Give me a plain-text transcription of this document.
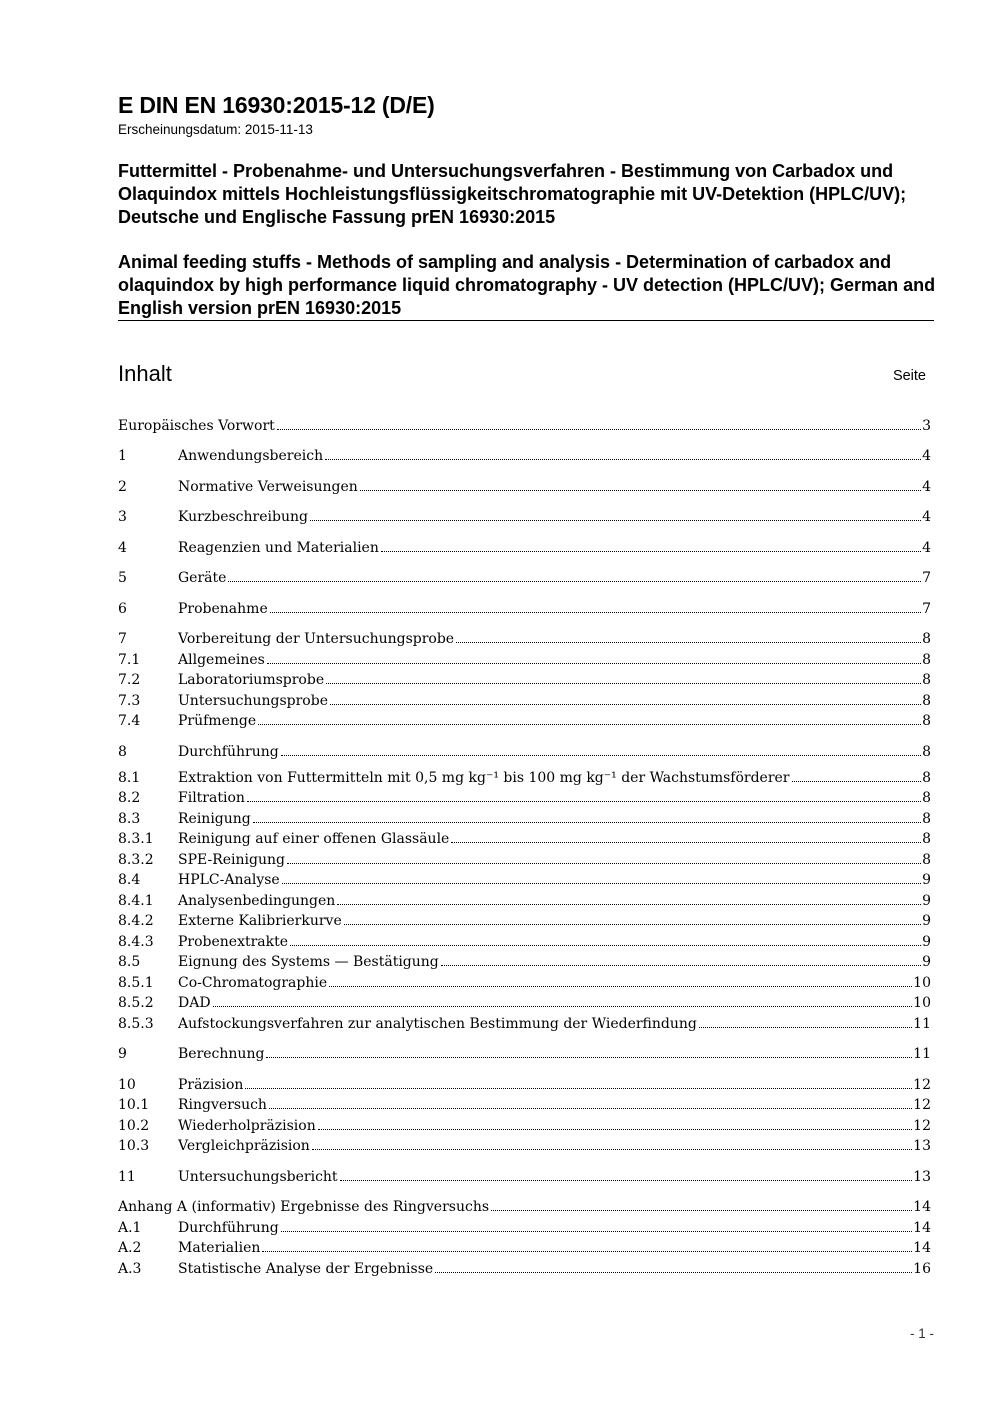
E DIN EN 16930:2015-12 (D/E)
Erscheinungsdatum: 2015-11-13
Futtermittel - Probenahme- und Untersuchungsverfahren - Bestimmung von Carbadox und Olaquindox mittels Hochleistungsflüssigkeitschromatographie mit UV-Detektion (HPLC/UV); Deutsche und Englische Fassung prEN 16930:2015
Animal feeding stuffs - Methods of sampling and analysis - Determination of carbadox and olaquindox by high performance liquid chromatography - UV detection (HPLC/UV); German and English version prEN 16930:2015
Inhalt	Seite
Europäisches Vorwort	3
1	Anwendungsbereich	4
2	Normative Verweisungen	4
3	Kurzbeschreibung	4
4	Reagenzien und Materialien	4
5	Geräte	7
6	Probenahme	7
7	Vorbereitung der Untersuchungsprobe	8
7.1	Allgemeines	8
7.2	Laboratoriumsprobe	8
7.3	Untersuchungsprobe	8
7.4	Prüfmenge	8
8	Durchführung	8
8.1	Extraktion von Futtermitteln mit 0,5 mg kg⁻¹ bis 100 mg kg⁻¹ der Wachstumsförderer	8
8.2	Filtration	8
8.3	Reinigung	8
8.3.1	Reinigung auf einer offenen Glassäule	8
8.3.2	SPE-Reinigung	8
8.4	HPLC-Analyse	9
8.4.1	Analysenbedingungen	9
8.4.2	Externe Kalibrierkurve	9
8.4.3	Probenextrakte	9
8.5	Eignung des Systems — Bestätigung	9
8.5.1	Co-Chromatographie	10
8.5.2	DAD	10
8.5.3	Aufstockungsverfahren zur analytischen Bestimmung der Wiederfindung	11
9	Berechnung	11
10	Präzision	12
10.1	Ringversuch	12
10.2	Wiederholpräzision	12
10.3	Vergleichpräzision	13
11	Untersuchungsbericht	13
Anhang A (informativ) Ergebnisse des Ringversuchs	14
A.1	Durchführung	14
A.2	Materialien	14
A.3	Statistische Analyse der Ergebnisse	16
- 1 -
